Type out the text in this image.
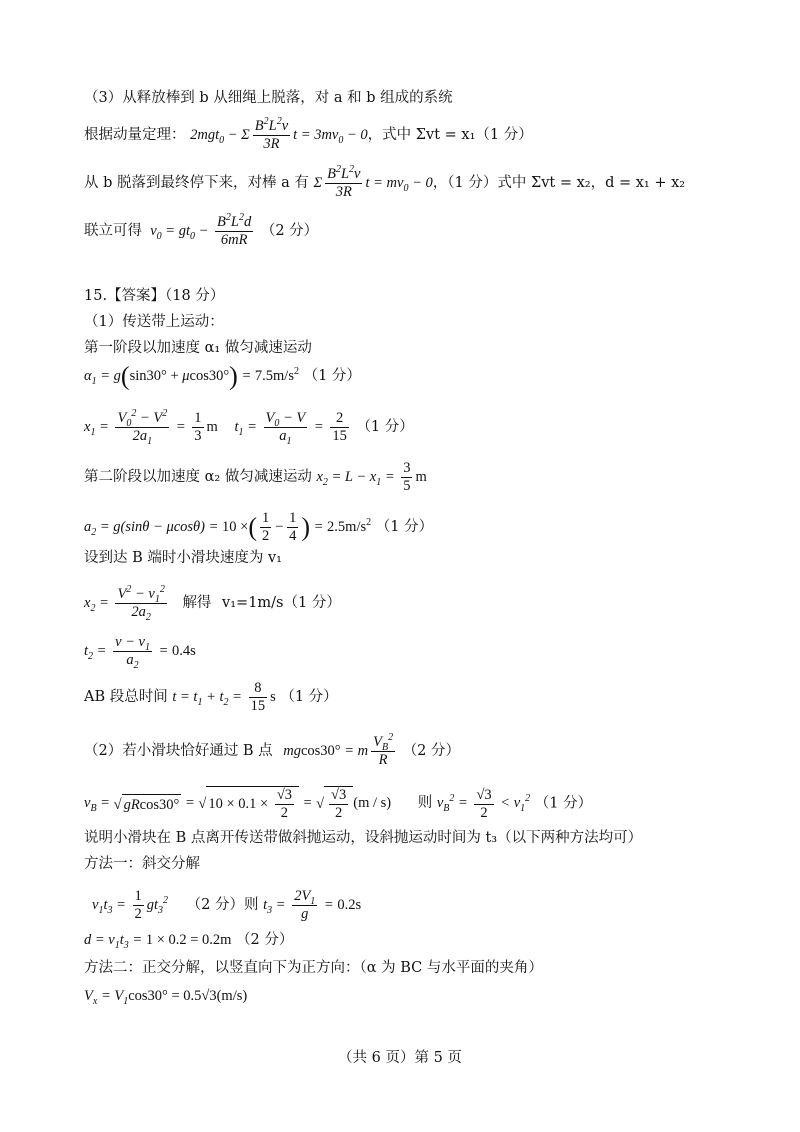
（3）从释放棒到 b 从细绳上脱落，对 a 和 b 组成的系统
根据动量定理： 2mgt$_0$ − Σ $\frac{B^2L^2v}{3R}$ $t = 3mv_0 - 0$，式中 Σvt = x₁（1 分）
从 b 脱落到最终停下来，对棒 a 有 Σ $\frac{B^2L^2v}{3R}$ $t = mv_0 - 0$，（1 分）式中 Σvt = x₂，d = x₁ + x₂
联立可得  $v_0 = gt_0 - \frac{B^2L^2d}{6mR} (2$ 分）
15.【答案】（18 分）
（1）传送带上运动：
第一阶段以加速度 α₁ 做匀减速运动
$\alpha_1 = g(\sin 30^\circ + \mu\cos 30^\circ) = 7.5m/s^2$ （1 分）
$x_1 = \frac{V_0^2 - V^2}{2a_1} = \frac{1}{3}$ m $t_1 = \frac{V_0 - V}{a_1} = \frac{2}{15} (1$ 分）
第二阶段以加速度 α₂ 做匀减速运动 $x_2 = L - x_1 = \frac{3}{5}$ m
$a_2 = g(\sin\theta - \mu\cos\theta) = 10$ ×( $\frac{1}{2} - \frac{1}{4}$ ) = $2.5m/s^2$ （1 分）
设到达 B 端时小滑块速度为 v₁
$x_2 = \frac{V^2 - v_1^2}{2a_2}$ 解得 v₁=1m/s（1 分）
$t_2 = \frac{v - v_1}{a_2} = 0.4s$
AB 段总时间 $t = t_1 + t_2 = \frac{8}{15}$ s （1 分）
（2）若小滑块恰好通过 B 点 mgcos30° = m $\frac{V_B^2}{R} (2$ 分）
$v_B$ = √ gRcos30° = √ $10 \times 0.1 \times \frac{√3}{2}$ = √ $\frac{√3}{2} (m / s)$ 则 $v_B^2 = \frac{√3}{2} < v_1^2$ （1 分）
说明小滑块在 B 点离开传送带做斜抛运动，设斜抛运动时间为 t₃（以下两种方法均可）
方法一：斜交分解
$v_1t_3 = \frac{1}{2} gt_3^2$ （2 分）则 $t_3 = \frac{2V_1}{g} = 0.2s$
$d = v_1t_3 = 1 \times 0.2 = 0.2m$ （2 分）
方法二：正交分解，以竖直向下为正方向：（α 为 BC 与水平面的夹角）
$V_x = V_1\cos 30^\circ = 0.5√3(m/s)$
（共 6 页）第 5 页
